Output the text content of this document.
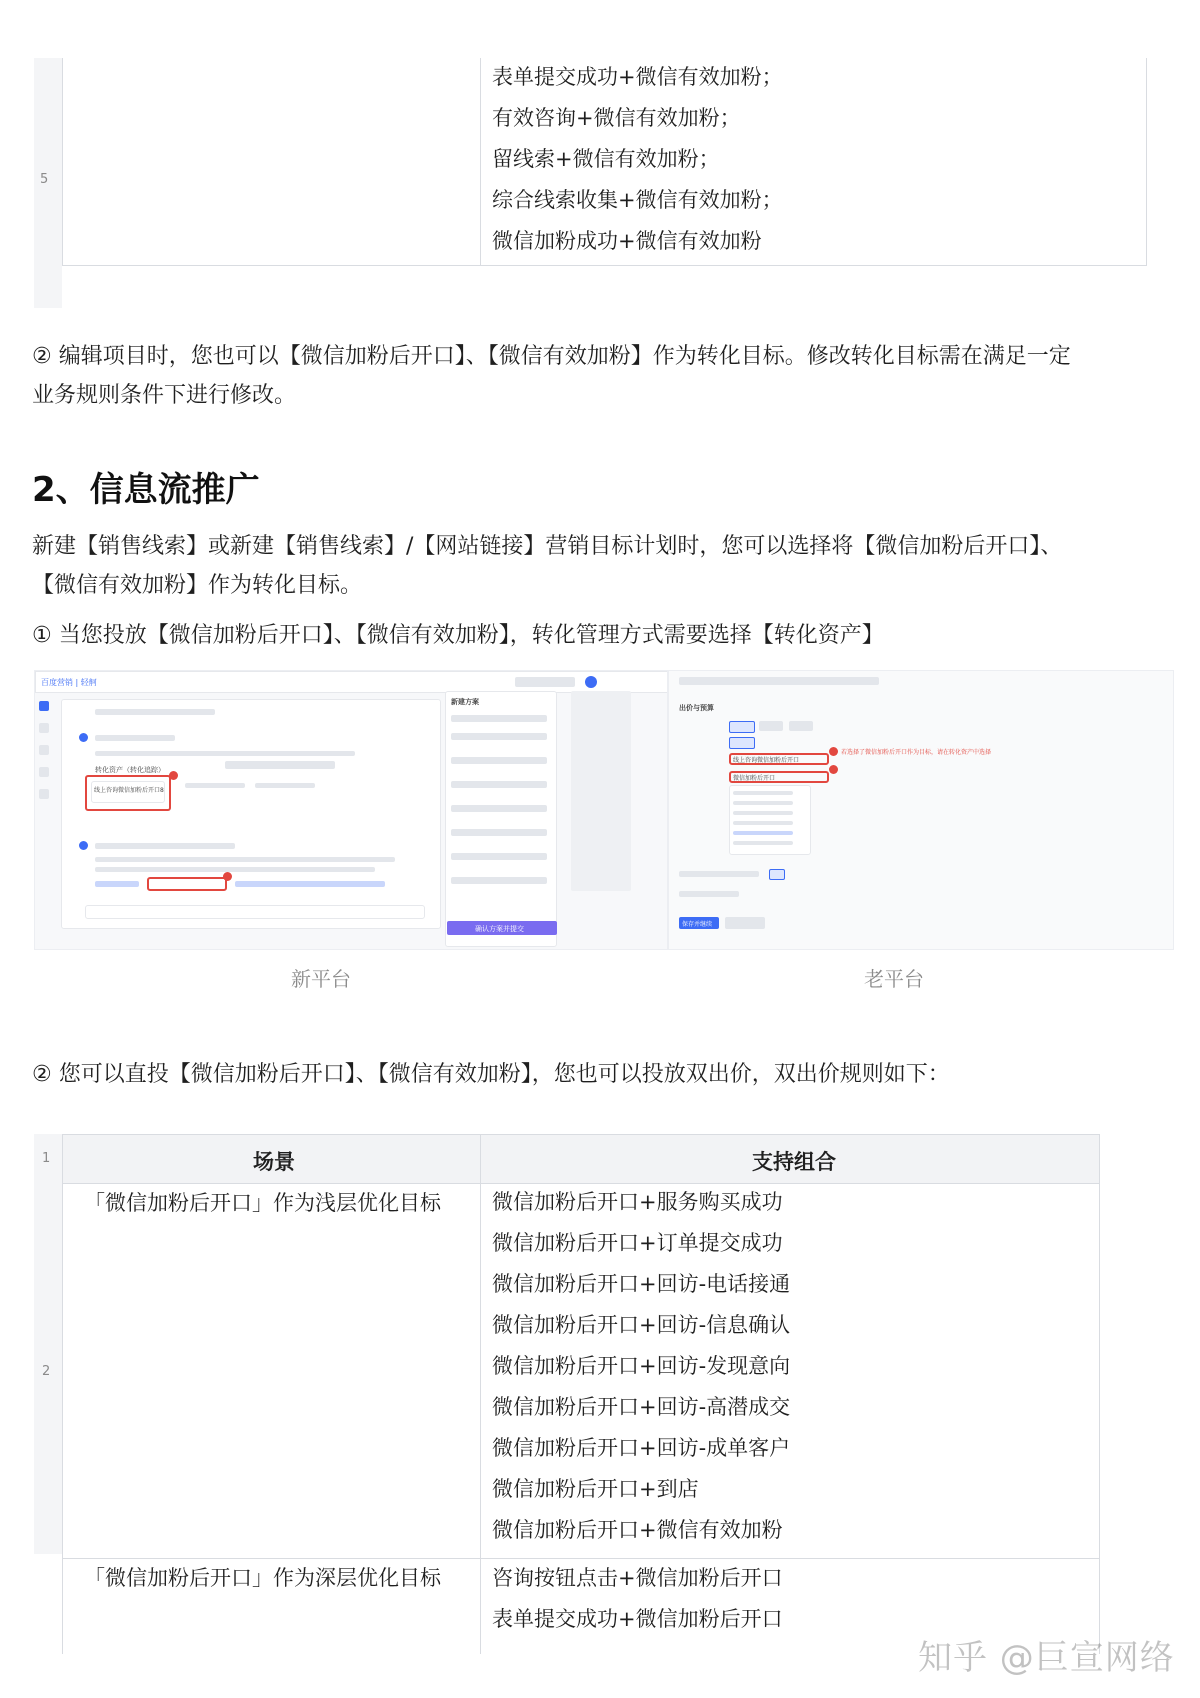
5
表单提交成功+微信有效加粉；
有效咨询+微信有效加粉；
留线索+微信有效加粉；
综合线索收集+微信有效加粉；
微信加粉成功+微信有效加粉
② 编辑项目时，您也可以【微信加粉后开口】、【微信有效加粉】作为转化目标。修改转化目标需在满足一定
业务规则条件下进行修改。
2、信息流推广
新建【销售线索】或新建【销售线索】/【网站链接】营销目标计划时，您可以选择将【微信加粉后开口】、
【微信有效加粉】作为转化目标。
① 当您投放【微信加粉后开口】、【微信有效加粉】，转化管理方式需要选择【转化资产】
百度营销 | 轻舸
转化资产（转化追踪）
线上咨询微信加粉后开口8
新建方案
确认方案并提交
新平台
出价与预算
线上咨询微信加粉后开口
若选择了微信加粉后开口作为目标，请在转化资产中选择
微信加粉后开口
保存并继续
老平台
② 您可以直投【微信加粉后开口】、【微信有效加粉】，您也可以投放双出价，双出价规则如下：
1
2
场景	支持组合
「微信加粉后开口」作为浅层优化目标 微信加粉后开口+服务购买成功
微信加粉后开口+订单提交成功
微信加粉后开口+回访-电话接通
微信加粉后开口+回访-信息确认
微信加粉后开口+回访-发现意向
微信加粉后开口+回访-高潜成交
微信加粉后开口+回访-成单客户
微信加粉后开口+到店
微信加粉后开口+微信有效加粉
「微信加粉后开口」作为深层优化目标 咨询按钮点击+微信加粉后开口
表单提交成功+微信加粉后开口
知乎 @巨宣网络
